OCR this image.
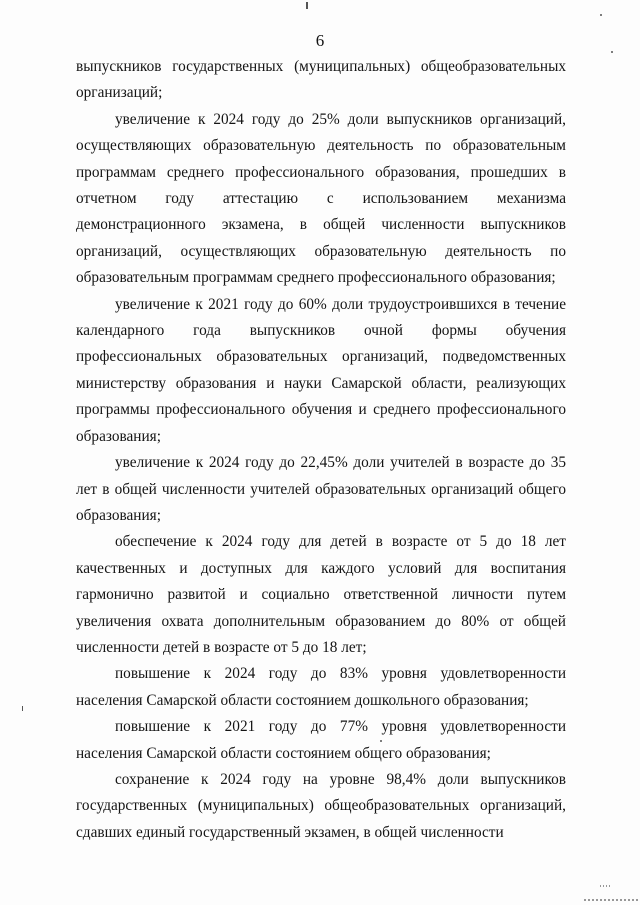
6

выпускников государственных (муниципальных) общеобразовательных организаций;

увеличение к 2024 году до 25% доли выпускников организаций, осуществляющих образовательную деятельность по образовательным программам среднего профессионального образования, прошедших в отчетном году аттестацию с использованием механизма демонстрационного экзамена, в общей численности выпускников организаций, осуществляющих образовательную деятельность по образовательным программам среднего профессионального образования;

увеличение к 2021 году до 60% доли трудоустроившихся в течение календарного года выпускников очной формы обучения профессиональных образовательных организаций, подведомственных министерству образования и науки Самарской области, реализующих программы профессионального обучения и среднего профессионального образования;

увеличение к 2024 году до 22,45% доли учителей в возрасте до 35 лет в общей численности учителей образовательных организаций общего образования;

обеспечение к 2024 году для детей в возрасте от 5 до 18 лет качественных и доступных для каждого условий для воспитания гармонично развитой и социально ответственной личности путем увеличения охвата дополнительным образованием до 80% от общей численности детей в возрасте от 5 до 18 лет;

повышение к 2024 году до 83% уровня удовлетворенности населения Самарской области состоянием дошкольного образования;

повышение к 2021 году до 77% уровня удовлетворенности населения Самарской области состоянием общего образования;

сохранение к 2024 году на уровне 98,4% доли выпускников государственных (муниципальных) общеобразовательных организаций, сдавших единый государственный экзамен, в общей численности
